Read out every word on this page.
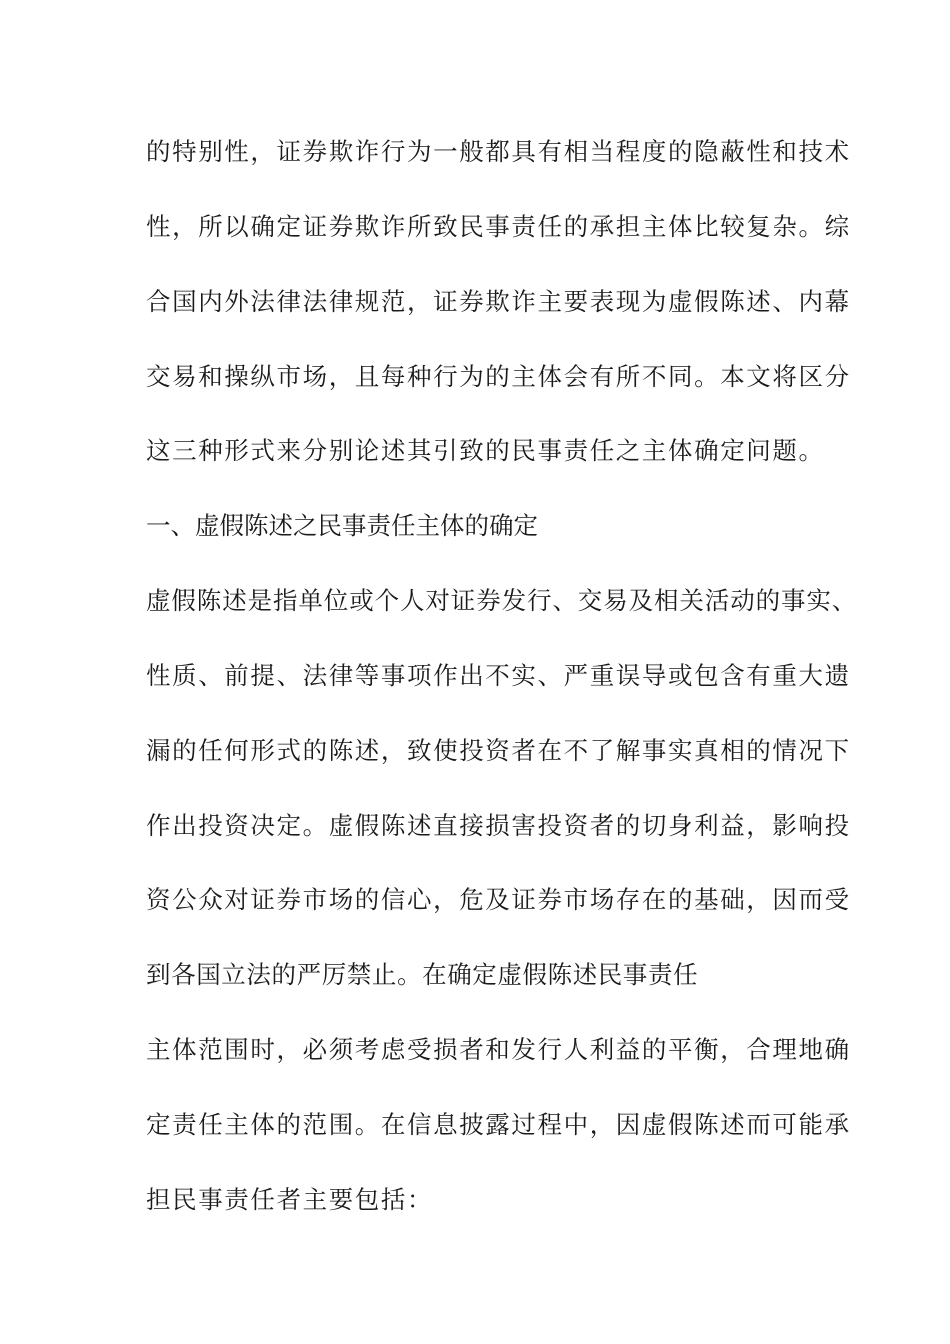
的特别性，证券欺诈行为一般都具有相当程度的隐蔽性和技术
性，所以确定证券欺诈所致民事责任的承担主体比较复杂。综
合国内外法律法律规范，证券欺诈主要表现为虚假陈述、内幕
交易和操纵市场，且每种行为的主体会有所不同。本文将区分
这三种形式来分别论述其引致的民事责任之主体确定问题。
一、虚假陈述之民事责任主体的确定
虚假陈述是指单位或个人对证券发行、交易及相关活动的事实、
性质、前提、法律等事项作出不实、严重误导或包含有重大遗
漏的任何形式的陈述，致使投资者在不了解事实真相的情况下
作出投资决定。虚假陈述直接损害投资者的切身利益，影响投
资公众对证券市场的信心，危及证券市场存在的基础，因而受
到各国立法的严厉禁止。在确定虚假陈述民事责任
主体范围时，必须考虑受损者和发行人利益的平衡，合理地确
定责任主体的范围。在信息披露过程中，因虚假陈述而可能承
担民事责任者主要包括：
